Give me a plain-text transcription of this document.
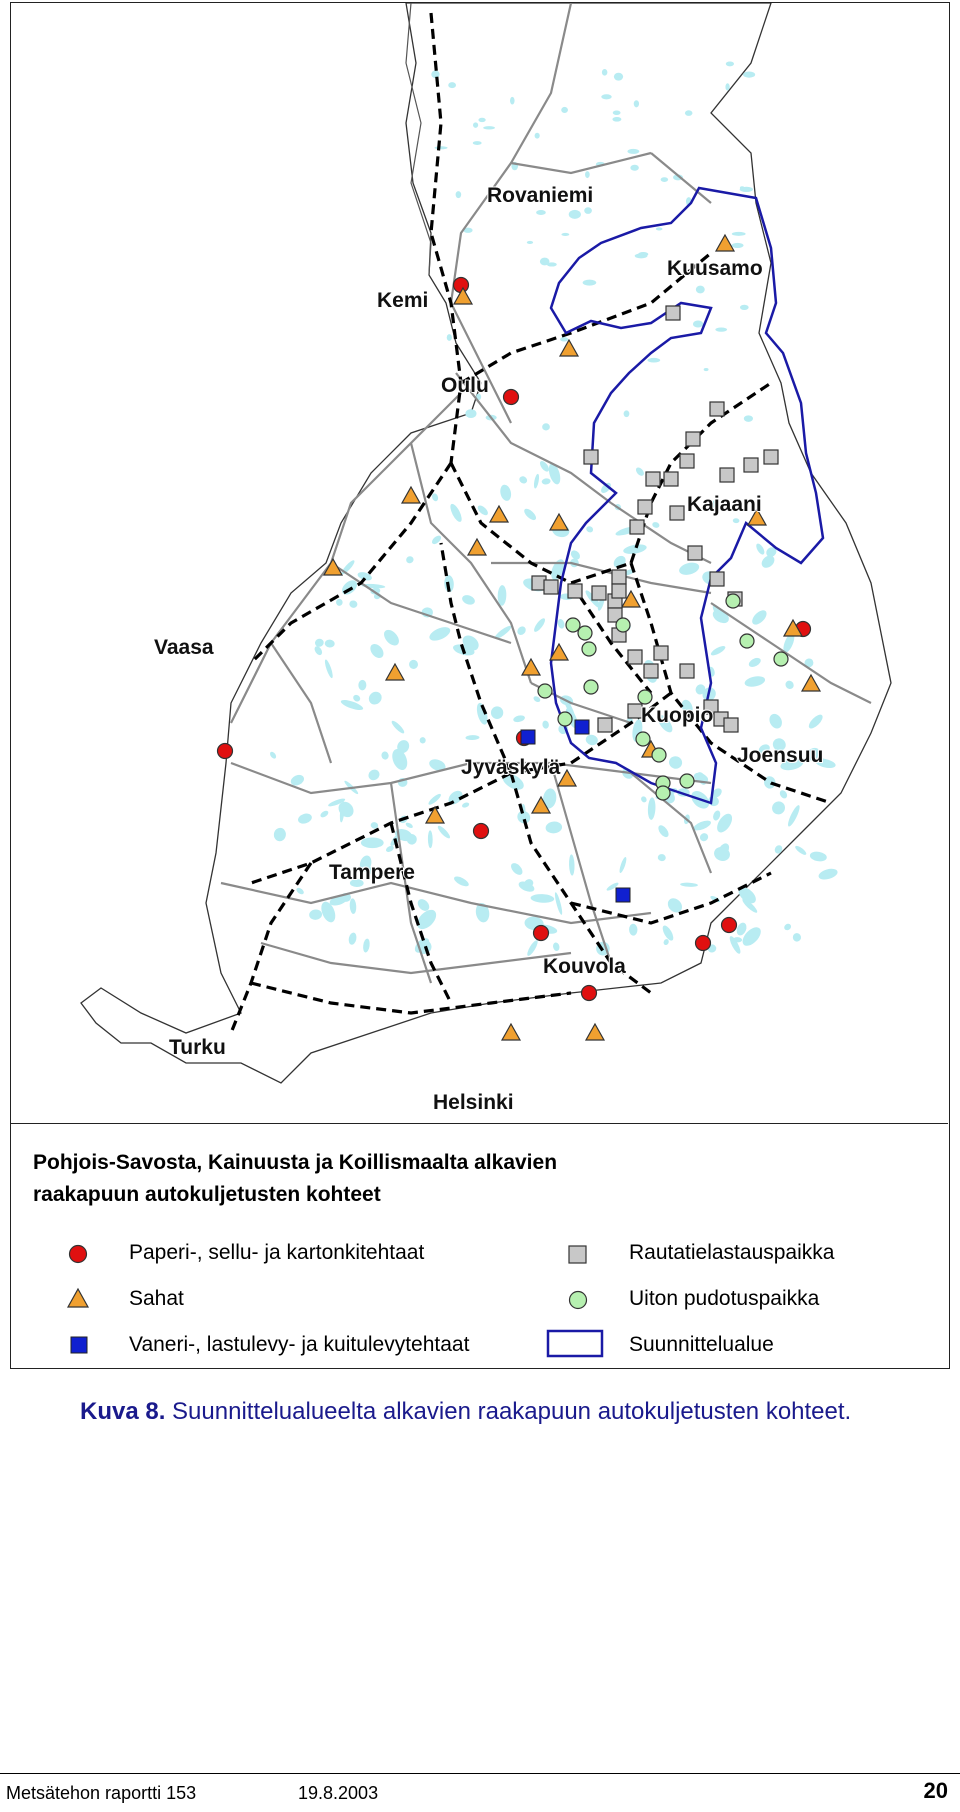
Rovaniemi
Kuusamo
Kemi
Oulu
Kajaani
Vaasa
Kuopio
Joensuu
Jyväskylä
Tampere
Kouvola
Turku
Helsinki
Pohjois-Savosta, Kainuusta ja Koillismaalta alkavien
raakapuun autokuljetusten kohteet
Paperi-, sellu- ja kartonkitehtaat
Sahat
Vaneri-, lastulevy- ja kuitulevytehtaat
Rautatielastauspaikka
Uiton pudotuspaikka
Suunnittelualue
Kuva 8. Suunnittelualueelta alkavien raakapuun autokuljetusten kohteet.
Metsätehon raportti 153	19.8.2003	20
